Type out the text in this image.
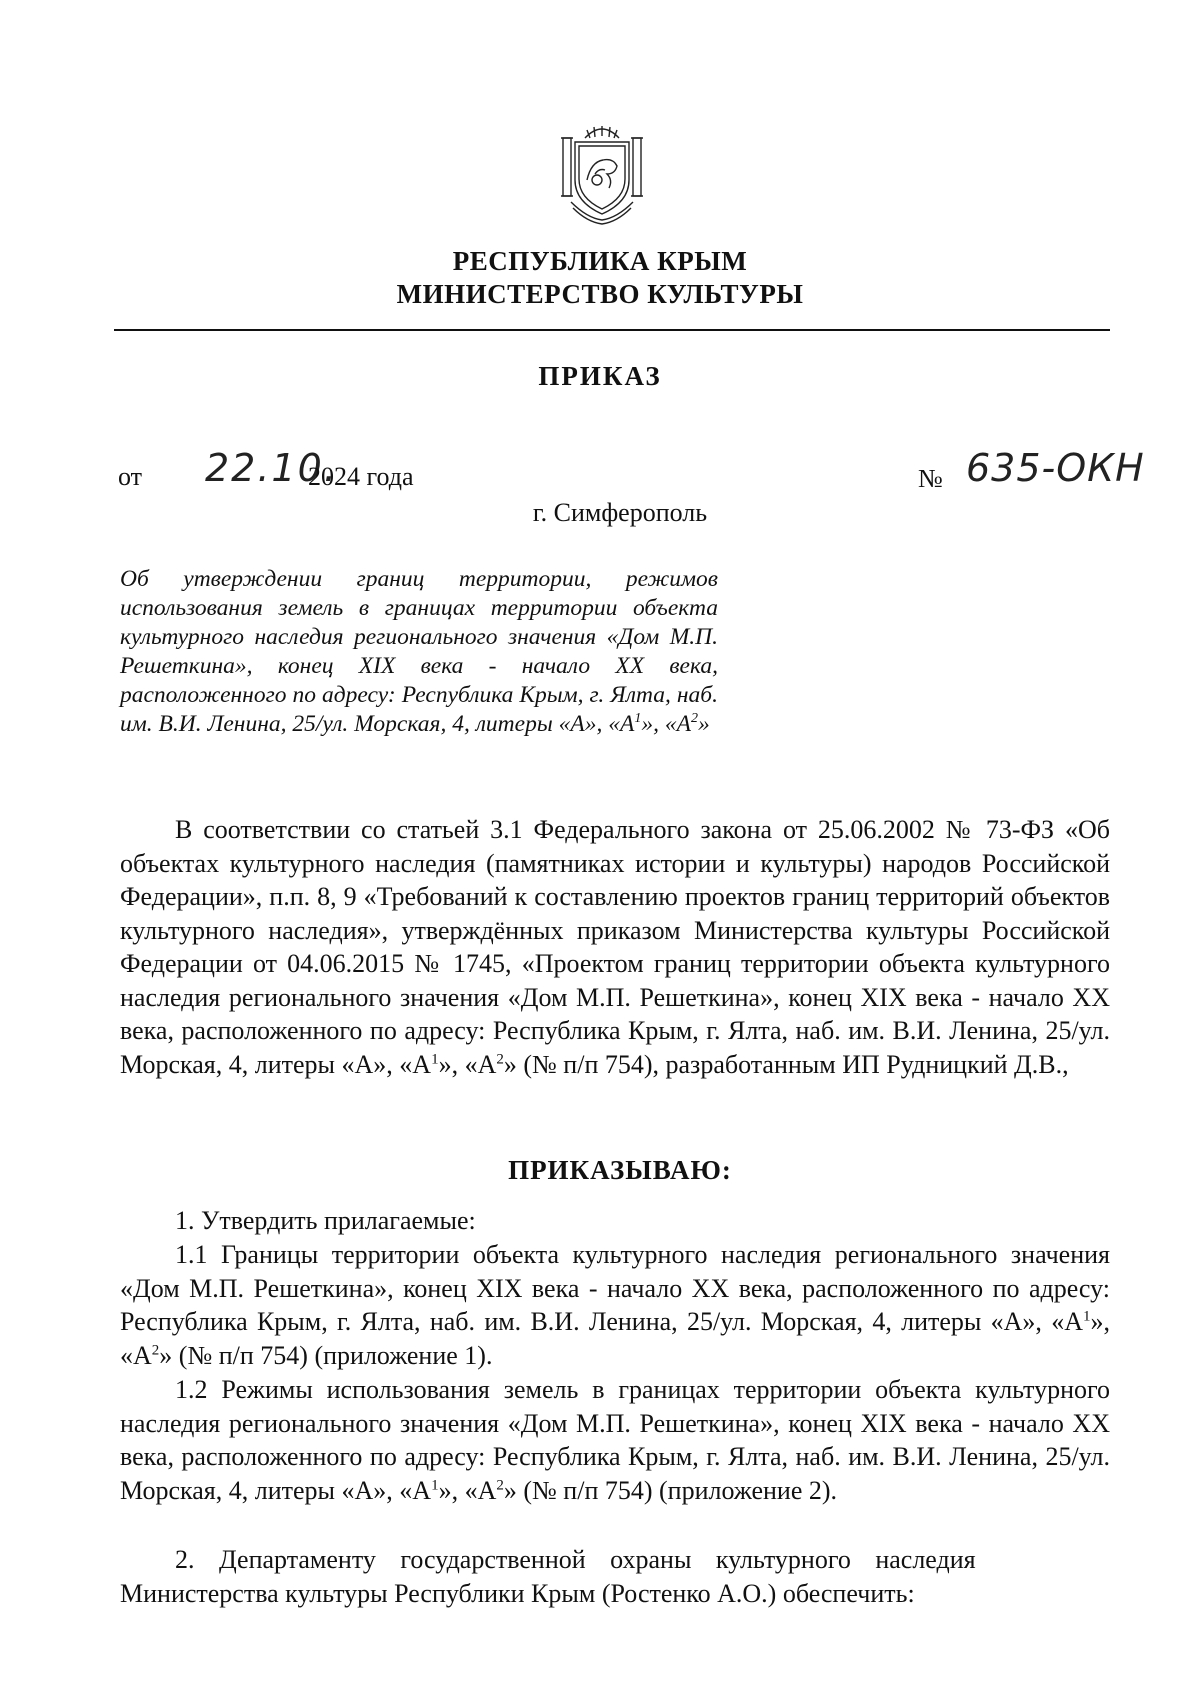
РЕСПУБЛИКА КРЫМ
МИНИСТЕРСТВО КУЛЬТУРЫ
ПРИКАЗ
от 22.10.
2024 года	№ 635-ОКН
г. Симферополь
Об утверждении границ территории, режимов использования земель в границах территории объекта культурного наследия регионального значения «Дом М.П. Решеткина», конец XIX века - начало XX века, расположенного по адресу: Республика Крым, г. Ялта, наб. им. В.И. Ленина, 25/ул. Морская, 4, литеры «А», «$А^1$», «$А^2$»

В соответствии со статьей 3.1 Федерального закона от 25.06.2002 № 73-ФЗ «Об объектах культурного наследия (памятниках истории и культуры) народов Российской Федерации», п.п. 8, 9 «Требований к составлению проектов границ территорий объектов культурного наследия», утверждённых приказом Министерства культуры Российской Федерации от 04.06.2015 № 1745, «Проектом границ территории объекта культурного наследия регионального значения «Дом М.П. Решеткина», конец XIX века - начало XX века, расположенного по адресу: Республика Крым, г. Ялта, наб. им. В.И. Ленина, 25/ул. Морская, 4, литеры «А», «$А^1$», «$А^2$» (№ п/п 754), разработанным ИП Рудницкий Д.В.,

ПРИКАЗЫВАЮ:

1. Утвердить прилагаемые:

1.1 Границы территории объекта культурного наследия регионального значения «Дом М.П. Решеткина», конец XIX века - начало XX века, расположенного по адресу: Республика Крым, г. Ялта, наб. им. В.И. Ленина, 25/ул. Морская, 4, литеры «А», «$А^1$», «$А^2$» (№ п/п 754) (приложение 1).

1.2 Режимы использования земель в границах территории объекта культурного наследия регионального значения «Дом М.П. Решеткина», конец XIX века - начало XX века, расположенного по адресу: Республика Крым, г. Ялта, наб. им. В.И. Ленина, 25/ул. Морская, 4, литеры «А», «$А^1$», «$А^2$» (№ п/п 754) (приложение 2).

2. Департаменту государственной охраны культурного наследия

Министерства культуры Республики Крым (Ростенко А.О.) обеспечить:
